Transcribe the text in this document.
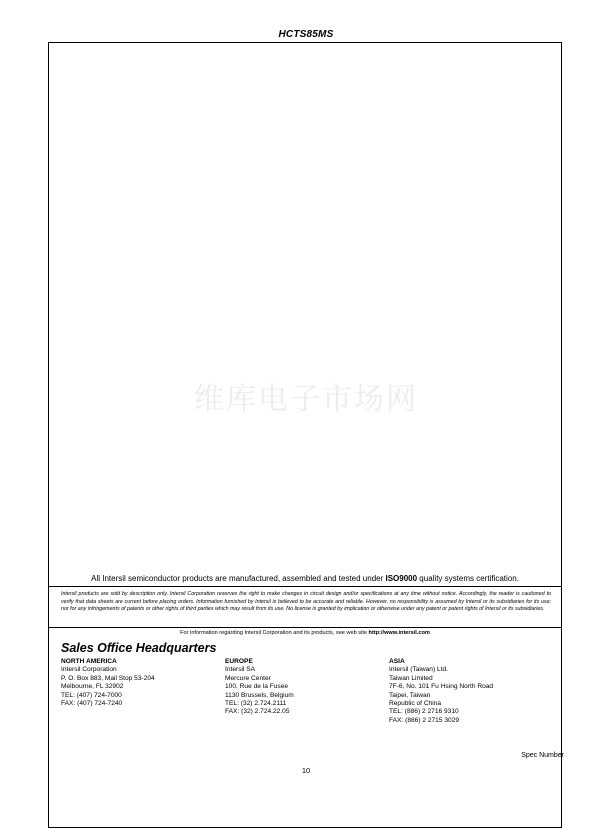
HCTS85MS
维库电子市场网
All Intersil semiconductor products are manufactured, assembled and tested under ISO9000 quality systems certification.
Intersil products are sold by description only. Intersil Corporation reserves the right to make changes in circuit design and/or specifications at any time without notice. Accordingly, the reader is cautioned to verify that data sheets are current before placing orders. Information furnished by Intersil is believed to be accurate and reliable. However, no responsibility is assumed by Intersil or its subsidiaries for its use; nor for any infringements of patents or other rights of third parties which may result from its use. No license is granted by implication or otherwise under any patent or patent rights of Intersil or its subsidiaries.
For information regarding Intersil Corporation and its products, see web site http://www.intersil.com
Sales Office Headquarters
NORTH AMERICA
Intersil Corporation
P. O. Box 883, Mail Stop 53-204
Melbourne, FL 32902
TEL: (407) 724-7000
FAX: (407) 724-7240
EUROPE
Intersil SA
Mercure Center
100, Rue de la Fusee
1130 Brussels, Belgium
TEL: (32) 2.724.2111
FAX: (32) 2.724.22.05
ASIA
Intersil (Taiwan) Ltd.
Taiwan Limited
7F-6, No. 101 Fu Hsing North Road
Taipei, Taiwan
Republic of China
TEL: (886) 2 2716 9310
FAX: (886) 2 2715 3029
Spec Number
10
